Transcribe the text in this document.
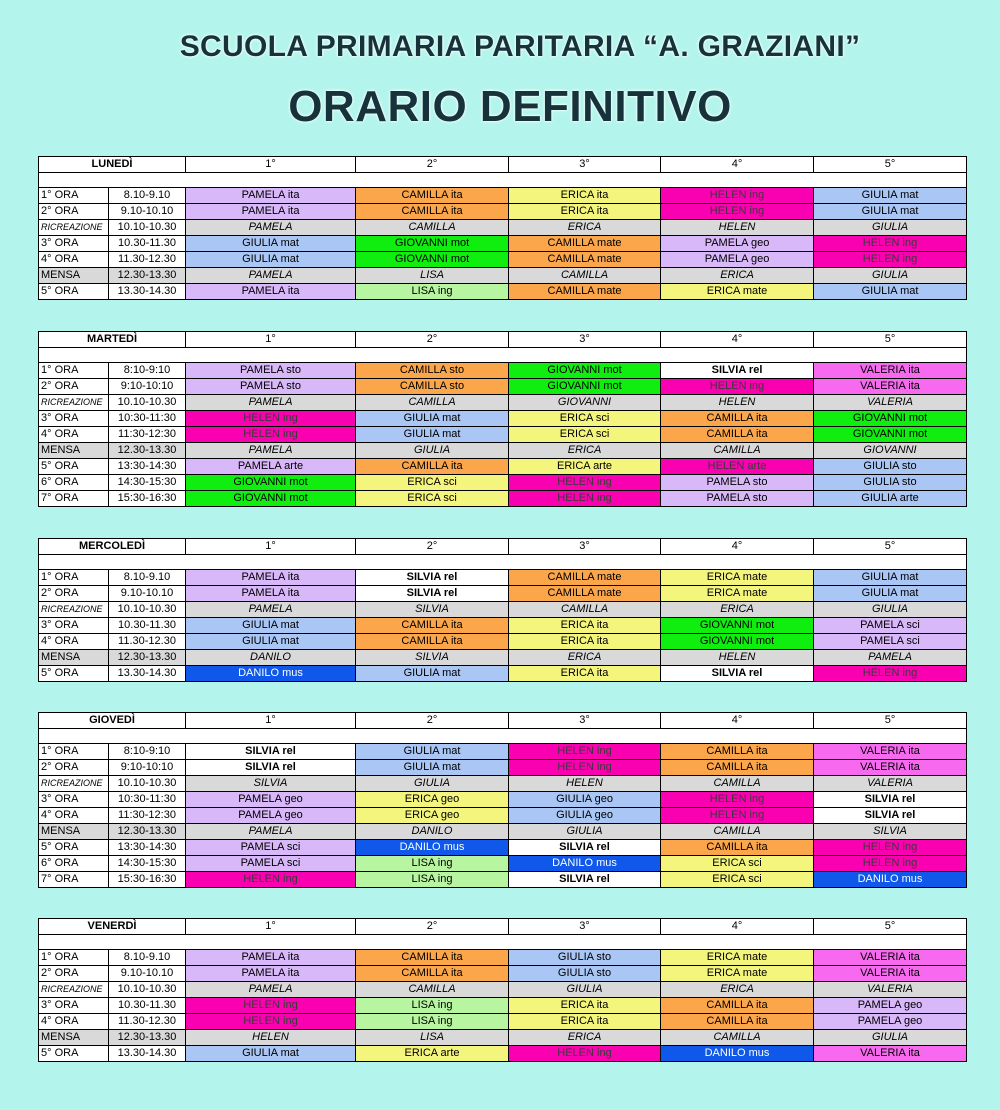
SCUOLA PRIMARIA PARITARIA “A. GRAZIANI”
ORARIO DEFINITIVO
LUNEDÌ		1°	2°	3°	4°	5°

1° ORA	8.10-9.10	PAMELA ita	CAMILLA ita	ERICA ita	HELEN ing	GIULIA mat
2° ORA	9.10-10.10	PAMELA ita	CAMILLA ita	ERICA ita	HELEN ing	GIULIA mat
RICREAZIONE	10.10-10.30	PAMELA	CAMILLA	ERICA	HELEN	GIULIA
3° ORA	10.30-11.30	GIULIA mat	GIOVANNI mot	CAMILLA mate	PAMELA geo	HELEN ing
4° ORA	11.30-12.30	GIULIA mat	GIOVANNI mot	CAMILLA mate	PAMELA geo	HELEN ing
MENSA	12.30-13.30	PAMELA	LISA	CAMILLA	ERICA	GIULIA
5° ORA	13.30-14.30	PAMELA ita	LISA ing	CAMILLA mate	ERICA mate	GIULIA mat
MARTEDÌ		1°	2°	3°	4°	5°

1° ORA	8:10-9:10	PAMELA sto	CAMILLA sto	GIOVANNI mot	SILVIA rel	VALERIA ita
2° ORA	9:10-10:10	PAMELA sto	CAMILLA sto	GIOVANNI mot	HELEN ing	VALERIA ita
RICREAZIONE	10.10-10.30	PAMELA	CAMILLA	GIOVANNI	HELEN	VALERIA
3° ORA	10:30-11:30	HELEN ing	GIULIA mat	ERICA sci	CAMILLA ita	GIOVANNI mot
4° ORA	11:30-12:30	HELEN ing	GIULIA mat	ERICA sci	CAMILLA ita	GIOVANNI mot
MENSA	12.30-13.30	PAMELA	GIULIA	ERICA	CAMILLA	GIOVANNI
5° ORA	13:30-14:30	PAMELA arte	CAMILLA ita	ERICA arte	HELEN arte	GIULIA sto
6° ORA	14:30-15:30	GIOVANNI mot	ERICA sci	HELEN ing	PAMELA sto	GIULIA sto
7° ORA	15:30-16:30	GIOVANNI mot	ERICA sci	HELEN ing	PAMELA sto	GIULIA arte
MERCOLEDÌ		1°	2°	3°	4°	5°

1° ORA	8.10-9.10	PAMELA ita	SILVIA rel	CAMILLA mate	ERICA mate	GIULIA mat
2° ORA	9.10-10.10	PAMELA ita	SILVIA rel	CAMILLA mate	ERICA mate	GIULIA mat
RICREAZIONE	10.10-10.30	PAMELA	SILVIA	CAMILLA	ERICA	GIULIA
3° ORA	10.30-11.30	GIULIA mat	CAMILLA ita	ERICA ita	GIOVANNI mot	PAMELA sci
4° ORA	11.30-12.30	GIULIA mat	CAMILLA ita	ERICA ita	GIOVANNI mot	PAMELA sci
MENSA	12.30-13.30	DANILO	SILVIA	ERICA	HELEN	PAMELA
5° ORA	13.30-14.30	DANILO mus	GIULIA mat	ERICA ita	SILVIA rel	HELEN ing
GIOVEDÌ		1°	2°	3°	4°	5°

1° ORA	8:10-9:10	SILVIA rel	GIULIA mat	HELEN ing	CAMILLA ita	VALERIA ita
2° ORA	9:10-10:10	SILVIA rel	GIULIA mat	HELEN ing	CAMILLA ita	VALERIA ita
RICREAZIONE	10.10-10.30	SILVIA	GIULIA	HELEN	CAMILLA	VALERIA
3° ORA	10:30-11:30	PAMELA geo	ERICA geo	GIULIA geo	HELEN ing	SILVIA rel
4° ORA	11:30-12:30	PAMELA geo	ERICA geo	GIULIA geo	HELEN ing	SILVIA rel
MENSA	12.30-13.30	PAMELA	DANILO	GIULIA	CAMILLA	SILVIA
5° ORA	13:30-14:30	PAMELA sci	DANILO mus	SILVIA rel	CAMILLA ita	HELEN ing
6° ORA	14:30-15:30	PAMELA sci	LISA ing	DANILO mus	ERICA sci	HELEN ing
7° ORA	15:30-16:30	HELEN ing	LISA ing	SILVIA rel	ERICA sci	DANILO mus
VENERDÌ		1°	2°	3°	4°	5°

1° ORA	8.10-9.10	PAMELA ita	CAMILLA ita	GIULIA sto	ERICA mate	VALERIA ita
2° ORA	9.10-10.10	PAMELA ita	CAMILLA ita	GIULIA sto	ERICA mate	VALERIA ita
RICREAZIONE	10.10-10.30	PAMELA	CAMILLA	GIULIA	ERICA	VALERIA
3° ORA	10.30-11.30	HELEN ing	LISA ing	ERICA ita	CAMILLA ita	PAMELA geo
4° ORA	11.30-12.30	HELEN ing	LISA ing	ERICA ita	CAMILLA ita	PAMELA geo
MENSA	12.30-13.30	HELEN	LISA	ERICA	CAMILLA	GIULIA
5° ORA	13.30-14.30	GIULIA mat	ERICA arte	HELEN ing	DANILO mus	VALERIA ita
